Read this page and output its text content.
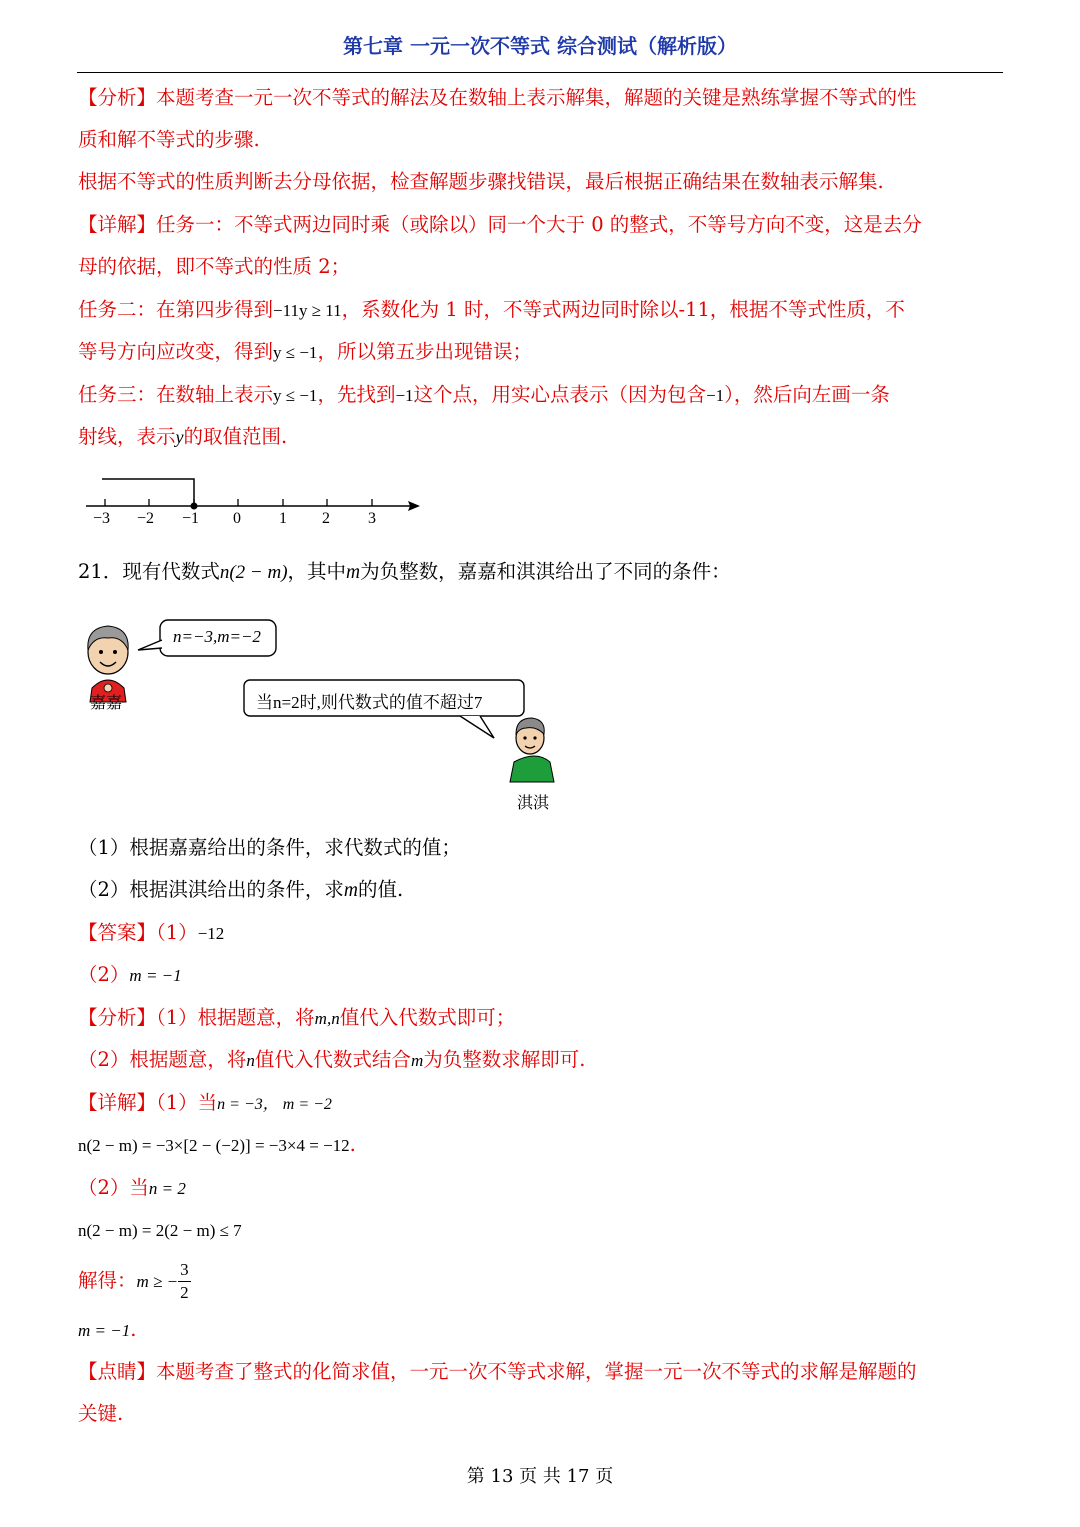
第七章 一元一次不等式 综合测试（解析版）
【分析】本题考查一元一次不等式的解法及在数轴上表示解集，解题的关键是熟练掌握不等式的性
质和解不等式的步骤.
根据不等式的性质判断去分母依据，检查解题步骤找错误，最后根据正确结果在数轴表示解集.
【详解】任务一：不等式两边同时乘（或除以）同一个大于 0 的整式，不等号方向不变，这是去分
母的依据，即不等式的性质 2；
任务二：在第四步得到−11y ≥ 11，系数化为 1 时，不等式两边同时除以-11，根据不等式性质，不
等号方向应改变，得到y ≤ −1，所以第五步出现错误；
任务三：在数轴上表示y ≤ −1，先找到−1这个点，用实心点表示（因为包含−1），然后向左画一条
射线，表示y的取值范围.
−3 −2 −1 0 1 2 3
21．现有代数式n(2 − m)，其中m为负整数，嘉嘉和淇淇给出了不同的条件：
n=−3,m=−2
当n=2时,则代数式的值不超过7
嘉嘉
淇淇
（1）根据嘉嘉给出的条件，求代数式的值；
（2）根据淇淇给出的条件，求m的值.
【答案】（1）−12
（2）m = −1
【分析】（1）根据题意，将m,n值代入代数式即可；
（2）根据题意，将n值代入代数式结合m为负整数求解即可.
【详解】（1）当n = −3， m = −2
n(2 − m) = −3×[2 − (−2)] = −3×4 = −12.
（2）当n = 2
n(2 − m) = 2(2 − m) ≤ 7
解得：m ≥ − $\frac{3}{2}$
m = −1.
【点睛】本题考查了整式的化简求值，一元一次不等式求解，掌握一元一次不等式的求解是解题的
关键.
第 13 页 共 17 页
